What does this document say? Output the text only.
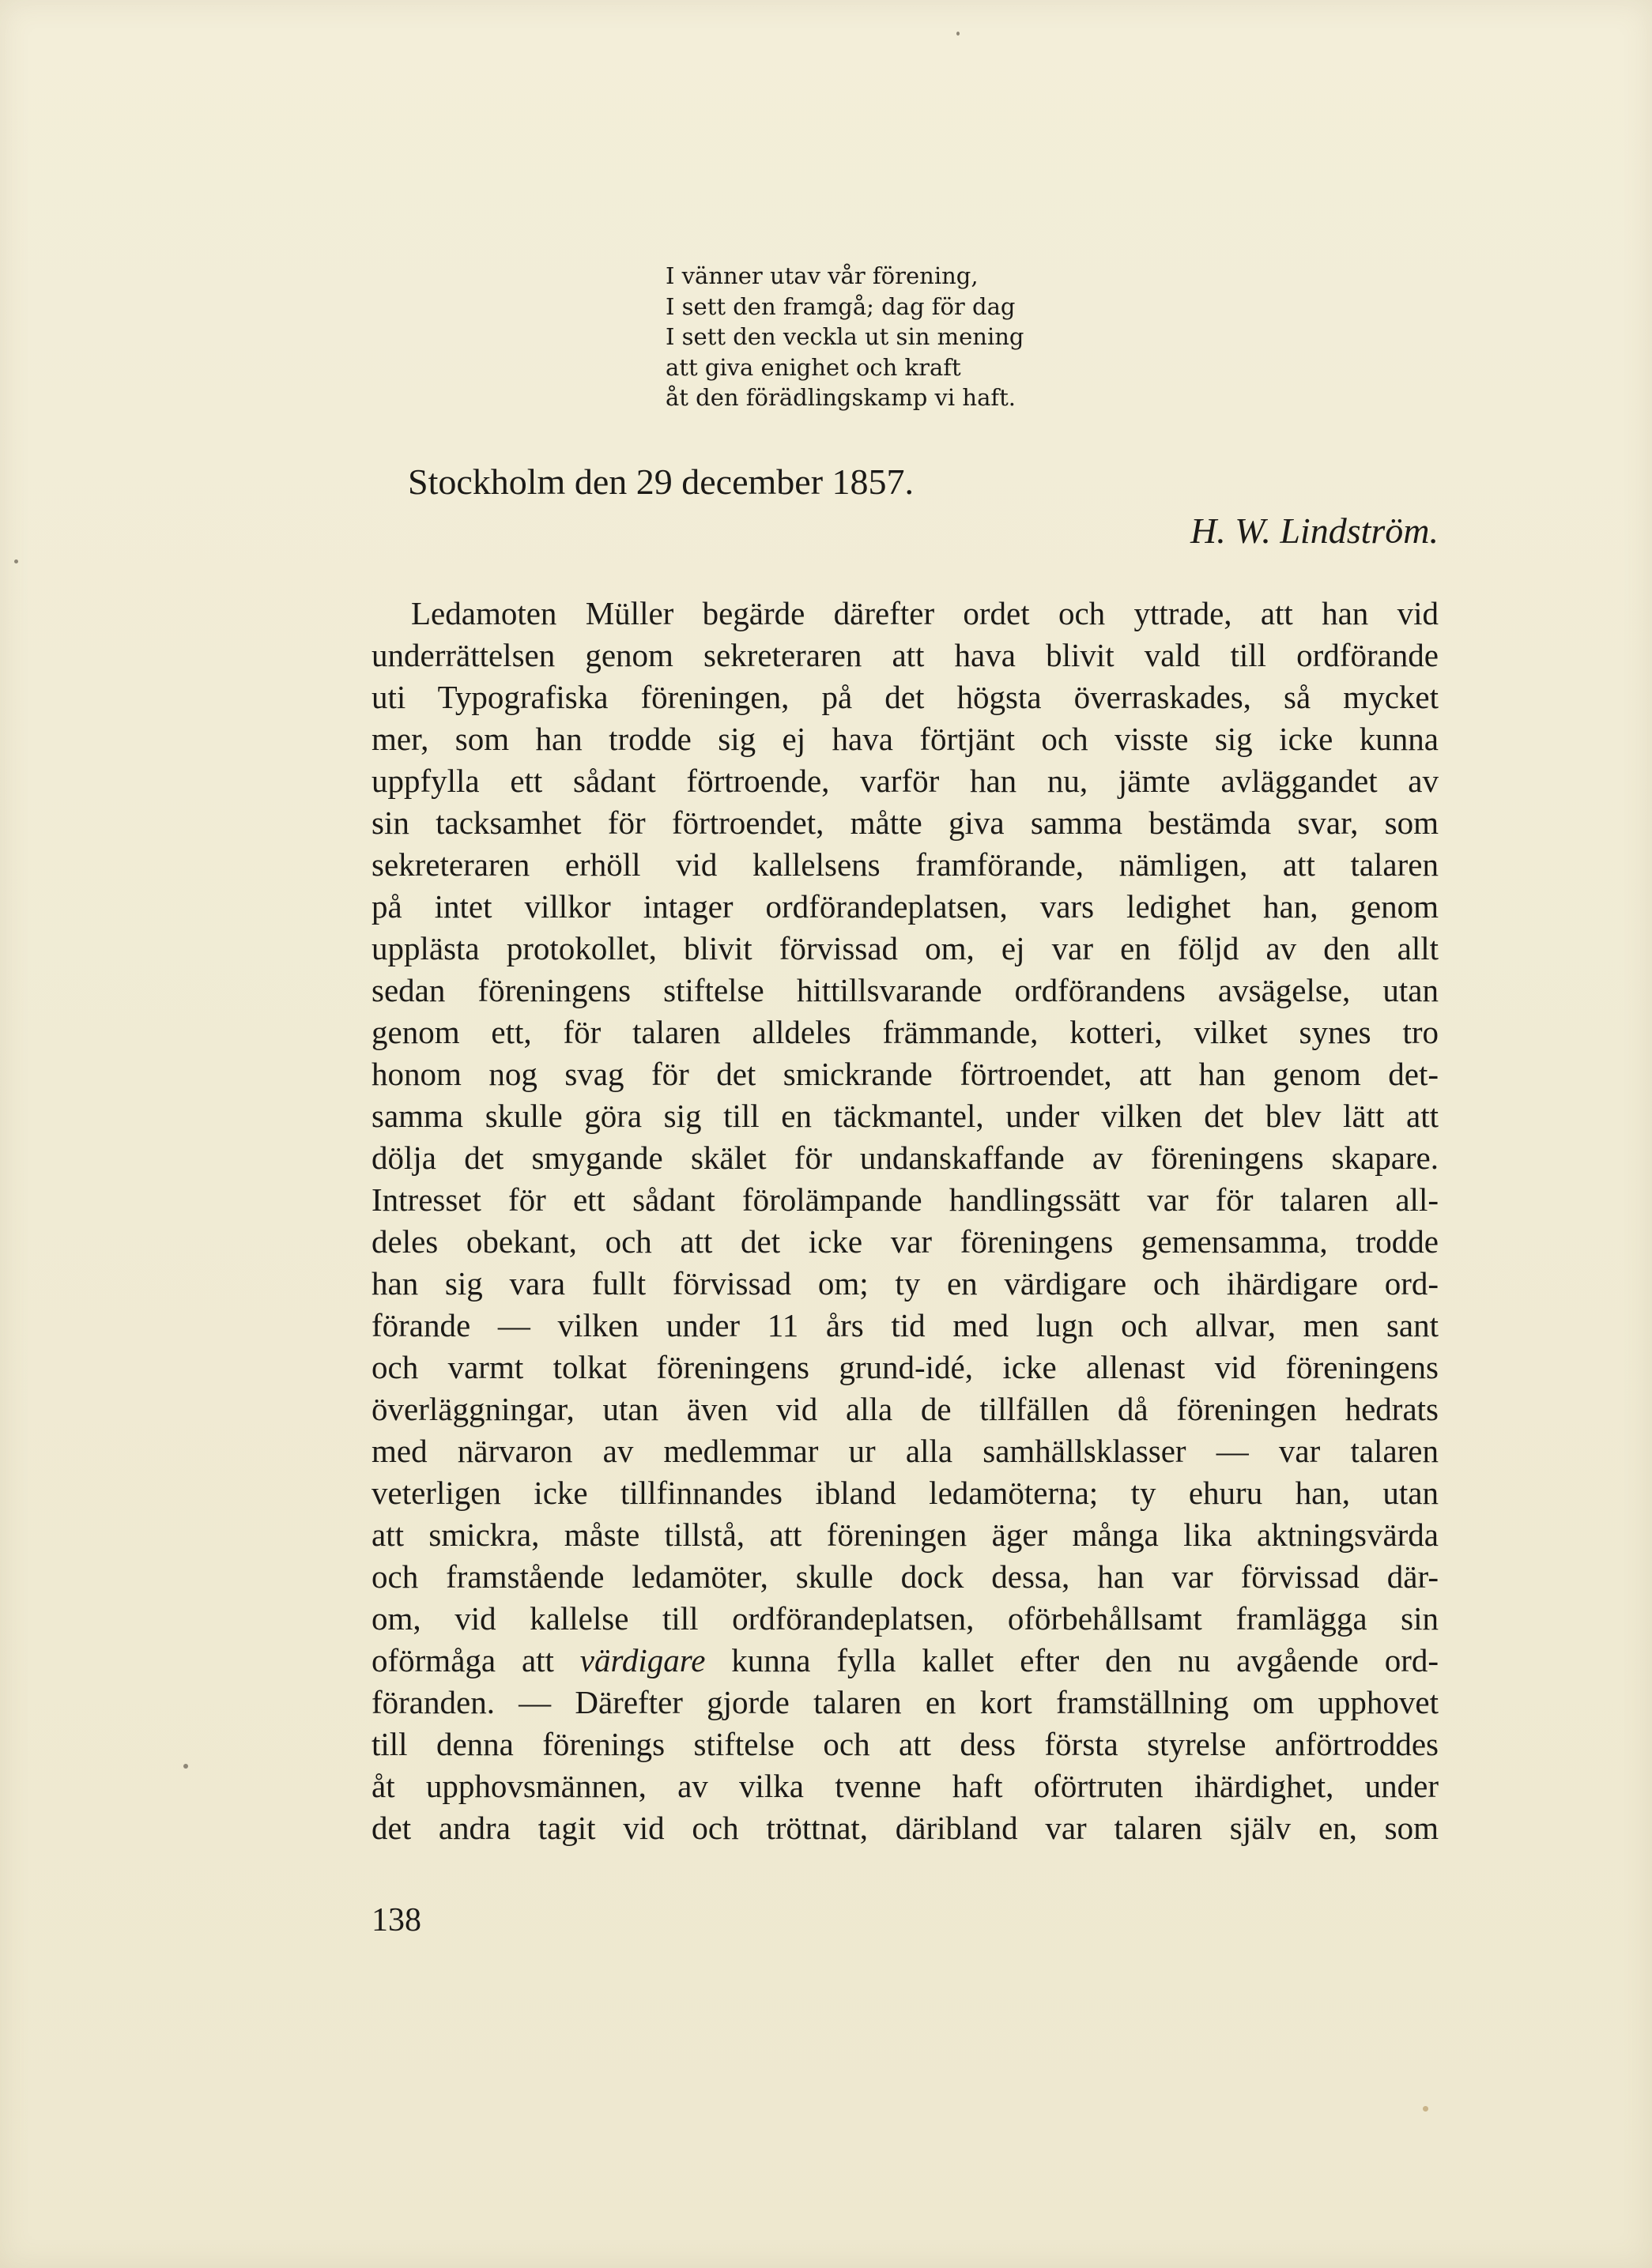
I vänner utav vår förening,
I sett den framgå; dag för dag
I sett den veckla ut sin mening
att giva enighet och kraft
åt den förädlingskamp vi haft.
Stockholm den 29 december 1857.
H. W. Lindström.
Ledamoten Müller begärde därefter ordet och yttrade, att han vid
underrättelsen genom sekreteraren att hava blivit vald till ordförande
uti Typografiska föreningen, på det högsta överraskades, så mycket
mer, som han trodde sig ej hava förtjänt och visste sig icke kunna
uppfylla ett sådant förtroende, varför han nu, jämte avläggandet av
sin tacksamhet för förtroendet, måtte giva samma bestämda svar, som
sekreteraren erhöll vid kallelsens framförande, nämligen, att talaren
på intet villkor intager ordförandeplatsen, vars ledighet han, genom
upplästa protokollet, blivit förvissad om, ej var en följd av den allt
sedan föreningens stiftelse hittillsvarande ordförandens avsägelse, utan
genom ett, för talaren alldeles främmande, kotteri, vilket synes tro
honom nog svag för det smickrande förtroendet, att han genom det-
samma skulle göra sig till en täckmantel, under vilken det blev lätt att
dölja det smygande skälet för undanskaffande av föreningens skapare.
Intresset för ett sådant förolämpande handlingssätt var för talaren all-
deles obekant, och att det icke var föreningens gemensamma, trodde
han sig vara fullt förvissad om; ty en värdigare och ihärdigare ord-
förande — vilken under 11 års tid med lugn och allvar, men sant
och varmt tolkat föreningens grund-idé, icke allenast vid föreningens
överläggningar, utan även vid alla de tillfällen då föreningen hedrats
med närvaron av medlemmar ur alla samhällsklasser — var talaren
veterligen icke tillfinnandes ibland ledamöterna; ty ehuru han, utan
att smickra, måste tillstå, att föreningen äger många lika aktningsvärda
och framstående ledamöter, skulle dock dessa, han var förvissad där-
om, vid kallelse till ordförandeplatsen, oförbehållsamt framlägga sin
oförmåga att värdigare kunna fylla kallet efter den nu avgående ord-
föranden. — Därefter gjorde talaren en kort framställning om upphovet
till denna förenings stiftelse och att dess första styrelse anförtroddes
åt upphovsmännen, av vilka tvenne haft oförtruten ihärdighet, under
det andra tagit vid och tröttnat, däribland var talaren själv en, som
138
